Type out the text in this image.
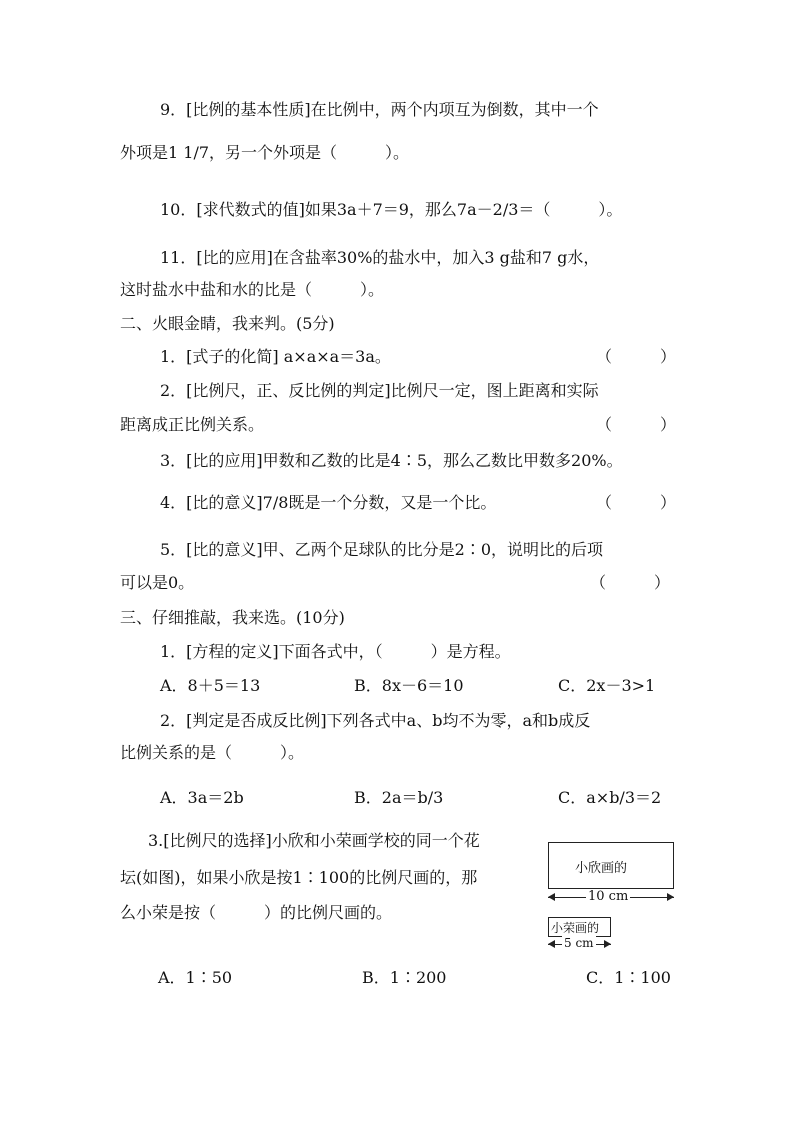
9．[比例的基本性质]在比例中，两个内项互为倒数，其中一个
外项是1 1/7，另一个外项是（　　　）。
10．[求代数式的值]如果3a＋7＝9，那么7a－2/3＝（　　　）。
11．[比的应用]在含盐率30%的盐水中，加入3 g盐和7 g水，
这时盐水中盐和水的比是（　　　）。
二、火眼金睛，我来判。(5分)
1．[式子的化简] a×a×a＝3a。	（　　　）
2．[比例尺，正、反比例的判定]比例尺一定，图上距离和实际
距离成正比例关系。	（　　　）
3．[比的应用]甲数和乙数的比是4∶5，那么乙数比甲数多20%。
4．[比的意义]7/8既是一个分数，又是一个比。	（　　　）
5．[比的意义]甲、乙两个足球队的比分是2∶0，说明比的后项
可以是0。	（　　　）
三、仔细推敲，我来选。(10分)
1．[方程的定义]下面各式中，（　　　）是方程。
A．8＋5＝13	B．8x－6＝10	C．2x－3>1
2．[判定是否成反比例]下列各式中a、b均不为零，a和b成反
比例关系的是（　　　）。
A．3a＝2b	B．2a＝b/3	C．a×b/3＝2
3.[比例尺的选择]小欣和小荣画学校的同一个花
坛(如图)，如果小欣是按1∶100的比例尺画的，那
么小荣是按（　　　）的比例尺画的。
小欣画的
10 cm
小荣画的
5 cm
A．1∶50	B．1∶200	C．1∶100
